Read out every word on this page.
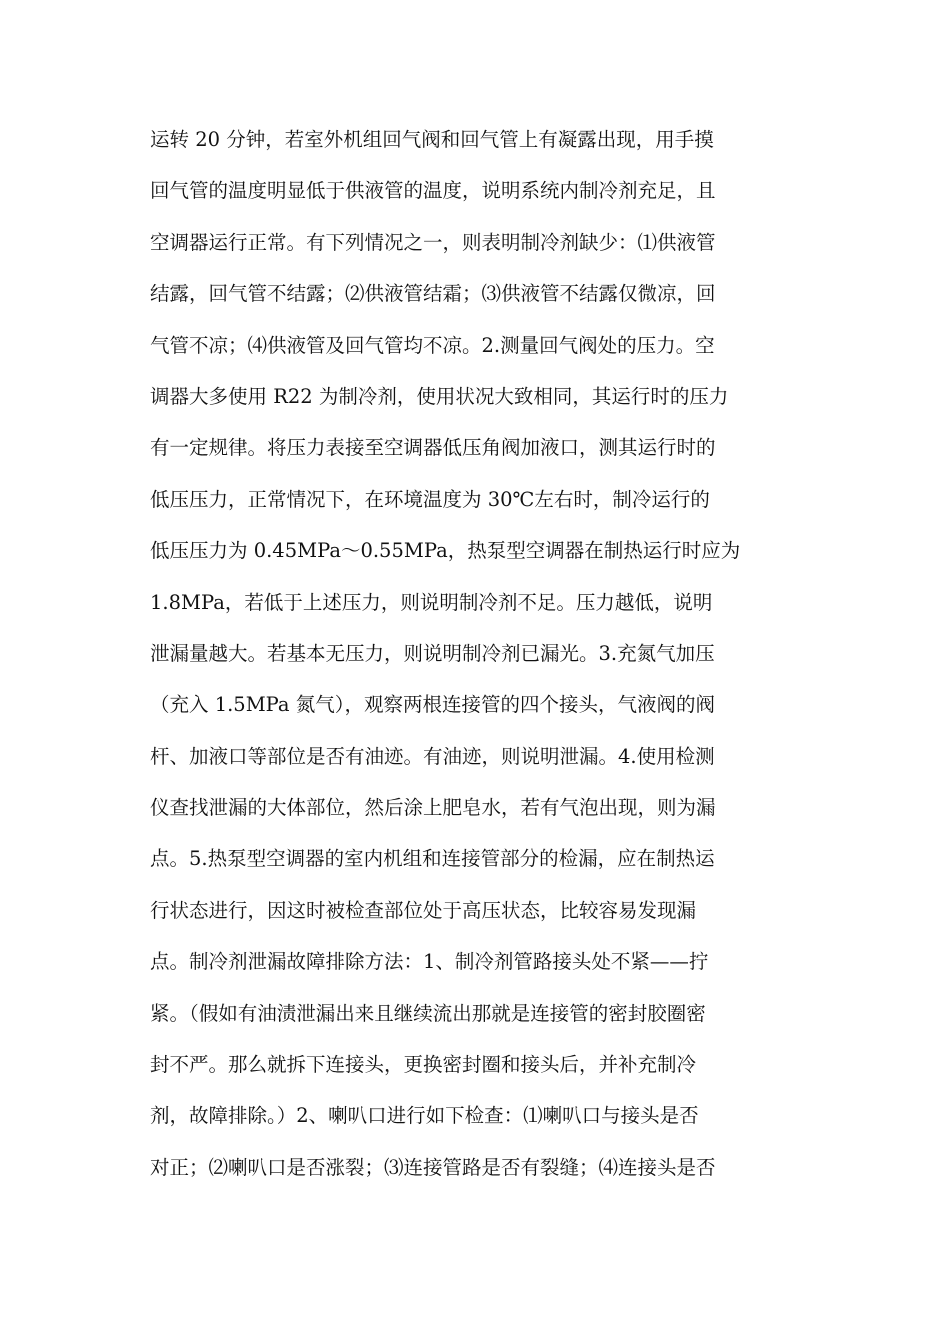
运转 20 分钟，若室外机组回气阀和回气管上有凝露出现，用手摸
回气管的温度明显低于供液管的温度，说明系统内制冷剂充足，且
空调器运行正常。有下列情况之一，则表明制冷剂缺少：⑴供液管
结露，回气管不结露；⑵供液管结霜；⑶供液管不结露仅微凉，回
气管不凉；⑷供液管及回气管均不凉。2.测量回气阀处的压力。空
调器大多使用 R22 为制冷剂，使用状况大致相同，其运行时的压力
有一定规律。将压力表接至空调器低压角阀加液口，测其运行时的
低压压力，正常情况下，在环境温度为 30℃左右时，制冷运行的
低压压力为 0.45MPa～0.55MPa，热泵型空调器在制热运行时应为
1.8MPa，若低于上述压力，则说明制冷剂不足。压力越低，说明
泄漏量越大。若基本无压力，则说明制冷剂已漏光。3.充氮气加压
（充入 1.5MPa 氮气），观察两根连接管的四个接头，气液阀的阀
杆、加液口等部位是否有油迹。有油迹，则说明泄漏。4.使用检测
仪查找泄漏的大体部位，然后涂上肥皂水，若有气泡出现，则为漏
点。5.热泵型空调器的室内机组和连接管部分的检漏，应在制热运
行状态进行，因这时被检查部位处于高压状态，比较容易发现漏
点。制冷剂泄漏故障排除方法：1、制冷剂管路接头处不紧——拧
紧。（假如有油渍泄漏出来且继续流出那就是连接管的密封胶圈密
封不严。那么就拆下连接头，更换密封圈和接头后，并补充制冷
剂，故障排除。）2、喇叭口进行如下检查：⑴喇叭口与接头是否
对正；⑵喇叭口是否涨裂；⑶连接管路是否有裂缝；⑷连接头是否
